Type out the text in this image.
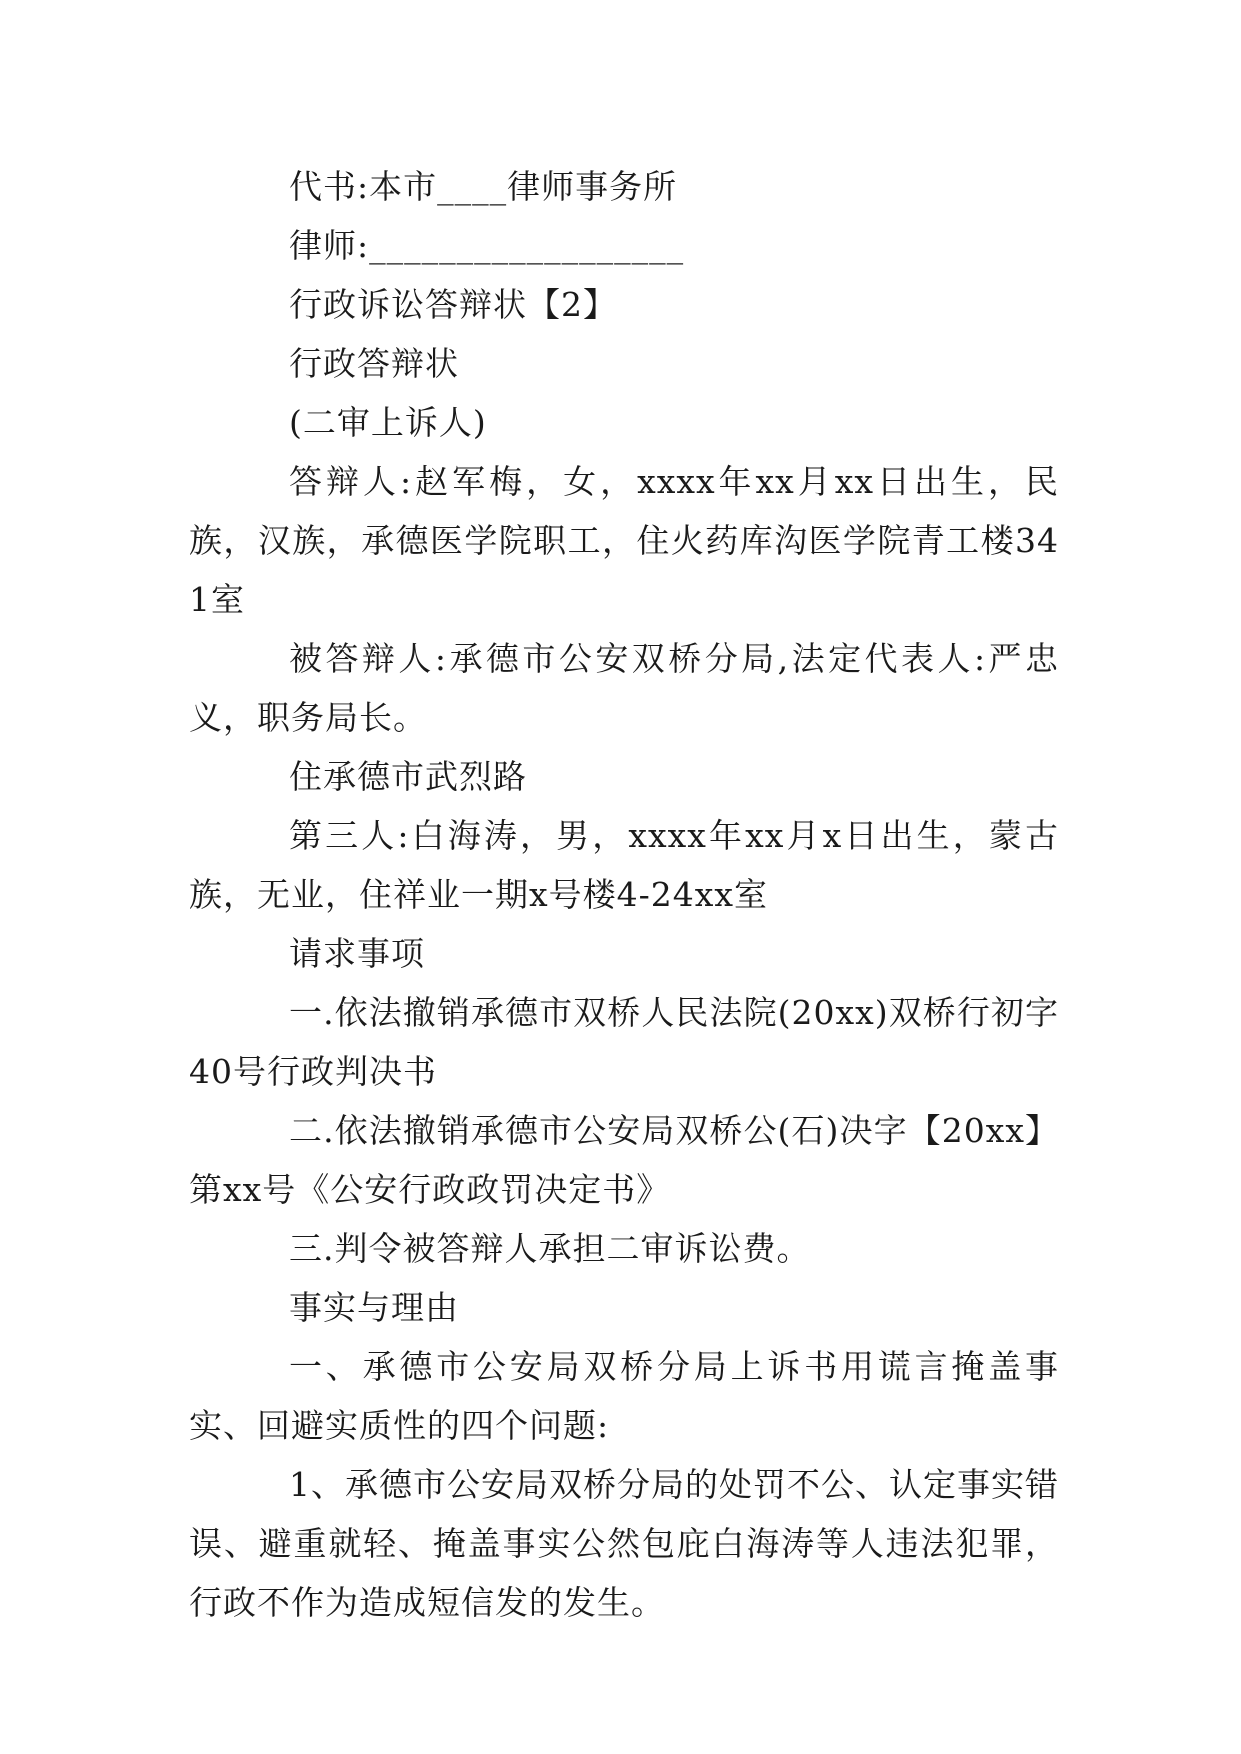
代书:本市____律师事务所

律师:__________________

行政诉讼答辩状【2】

行政答辩状

(二审上诉人)

答辩人:赵军梅，女，xxxx年xx月xx日出生，民族，汉族，承德医学院职工，住火药库沟医学院青工楼341室

被答辩人:承德市公安双桥分局,法定代表人:严忠义，职务局长。

住承德市武烈路

第三人:白海涛，男，xxxx年xx月x日出生，蒙古族，无业，住祥业一期x号楼4-24xx室

请求事项

一.依法撤销承德市双桥人民法院(20xx)双桥行初字40号行政判决书

二.依法撤销承德市公安局双桥公(石)决字【20xx】第xx号《公安行政政罚决定书》

三.判令被答辩人承担二审诉讼费。

事实与理由

一、承德市公安局双桥分局上诉书用谎言掩盖事实、回避实质性的四个问题:

1、承德市公安局双桥分局的处罚不公、认定事实错误、避重就轻、掩盖事实公然包庇白海涛等人违法犯罪，行政不作为造成短信发的发生。
